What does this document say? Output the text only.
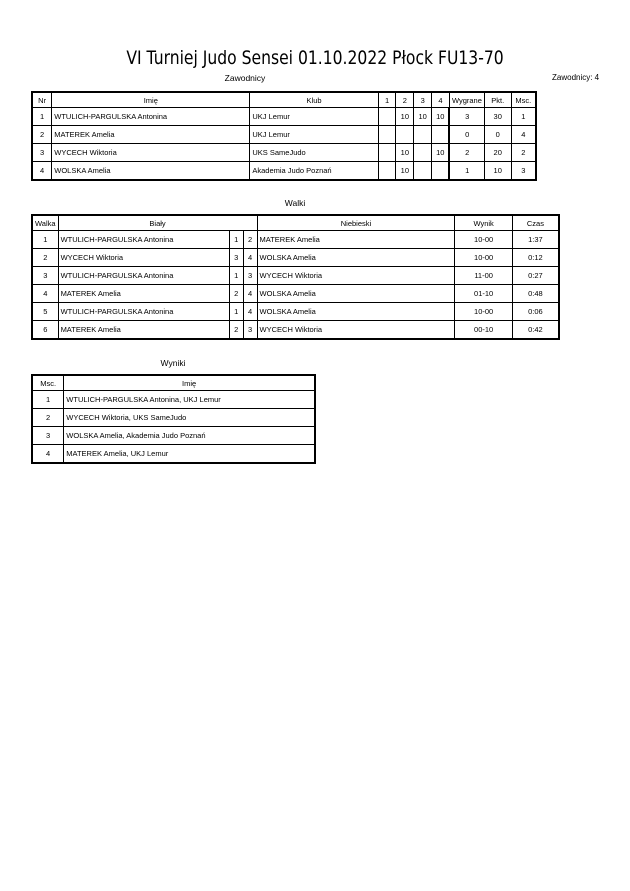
VI Turniej Judo Sensei 01.10.2022 Płock FU13-70
Zawodnicy	Zawodnicy: 4
Nr	Imię	Klub	1	2	3	4	Wygrane	Pkt.	Msc.
1	WTULICH-PARGULSKA Antonina	UKJ Lemur		10	10	10	3	30	1
2	MATEREK Amelia	UKJ Lemur					0	0	4
3	WYCECH Wiktoria	UKS SameJudo		10		10	2	20	2
4	WOLSKA Amelia	Akademia Judo Poznań		10			1	10	3
Walki
Walka	Biały			Niebieski	Wynik	Czas
1	WTULICH-PARGULSKA Antonina	1	2	MATEREK Amelia	10-00	1:37
2	WYCECH Wiktoria	3	4	WOLSKA Amelia	10-00	0:12
3	WTULICH-PARGULSKA Antonina	1	3	WYCECH Wiktoria	11-00	0:27
4	MATEREK Amelia	2	4	WOLSKA Amelia	01-10	0:48
5	WTULICH-PARGULSKA Antonina	1	4	WOLSKA Amelia	10-00	0:06
6	MATEREK Amelia	2	3	WYCECH Wiktoria	00-10	0:42
Wyniki
Msc.	Imię
1	WTULICH-PARGULSKA Antonina, UKJ Lemur
2	WYCECH Wiktoria, UKS SameJudo
3	WOLSKA Amelia, Akademia Judo Poznań
4	MATEREK Amelia, UKJ Lemur
